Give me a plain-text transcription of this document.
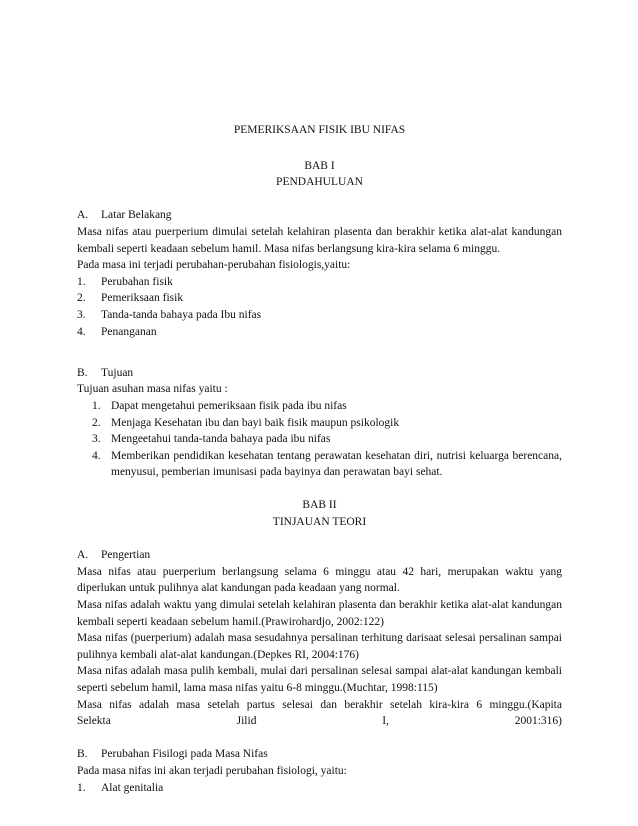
PEMERIKSAAN FISIK IBU NIFAS
BAB I
PENDAHULUAN
A. Latar Belakang

Masa nifas atau puerperium dimulai setelah kelahiran plasenta dan berakhir ketika alat-alat kandungan kembali seperti keadaan sebelum hamil. Masa nifas berlangsung kira-kira selama 6 minggu.

Pada masa ini terjadi perubahan-perubahan fisiologis,yaitu:

1. Perubahan fisik
2. Pemeriksaan fisik
3. Tanda-tanda bahaya pada Ibu nifas
4. Penanganan
B. Tujuan

Tujuan asuhan masa nifas yaitu :

1. Dapat mengetahui pemeriksaan fisik pada ibu nifas
2. Menjaga Kesehatan ibu dan bayi baik fisik maupun psikologik
3. Mengeetahui tanda-tanda bahaya pada ibu nifas
4. Memberikan pendidikan kesehatan tentang perawatan kesehatan diri, nutrisi keluarga berencana, menyusui, pemberian imunisasi pada bayinya dan perawatan bayi sehat.
BAB II
TINJAUAN TEORI
A. Pengertian

Masa nifas atau puerperium berlangsung selama 6 minggu atau 42 hari, merupakan waktu yang diperlukan untuk pulihnya alat kandungan pada keadaan yang normal.

Masa nifas adalah waktu yang dimulai setelah kelahiran plasenta dan berakhir ketika alat-alat kandungan kembali seperti keadaan sebelum hamil.(Prawirohardjo, 2002:122)

Masa nifas (puerperium) adalah masa sesudahnya persalinan terhitung darisaat selesai persalinan sampai pulihnya kembali alat-alat kandungan.(Depkes RI, 2004:176)

Masa nifas adalah masa pulih kembali, mulai dari persalinan selesai sampai alat-alat kandungan kembali seperti sebelum hamil, lama masa nifas yaitu 6-8 minggu.(Muchtar, 1998:115)

Masa nifas adalah masa setelah partus selesai dan berakhir setelah kira-kira 6 minggu.(Kapita

Selekta Jilid I, 2001:316)

B. Perubahan Fisilogi pada Masa Nifas

Pada masa nifas ini akan terjadi perubahan fisiologi, yaitu:

1. Alat genitalia
